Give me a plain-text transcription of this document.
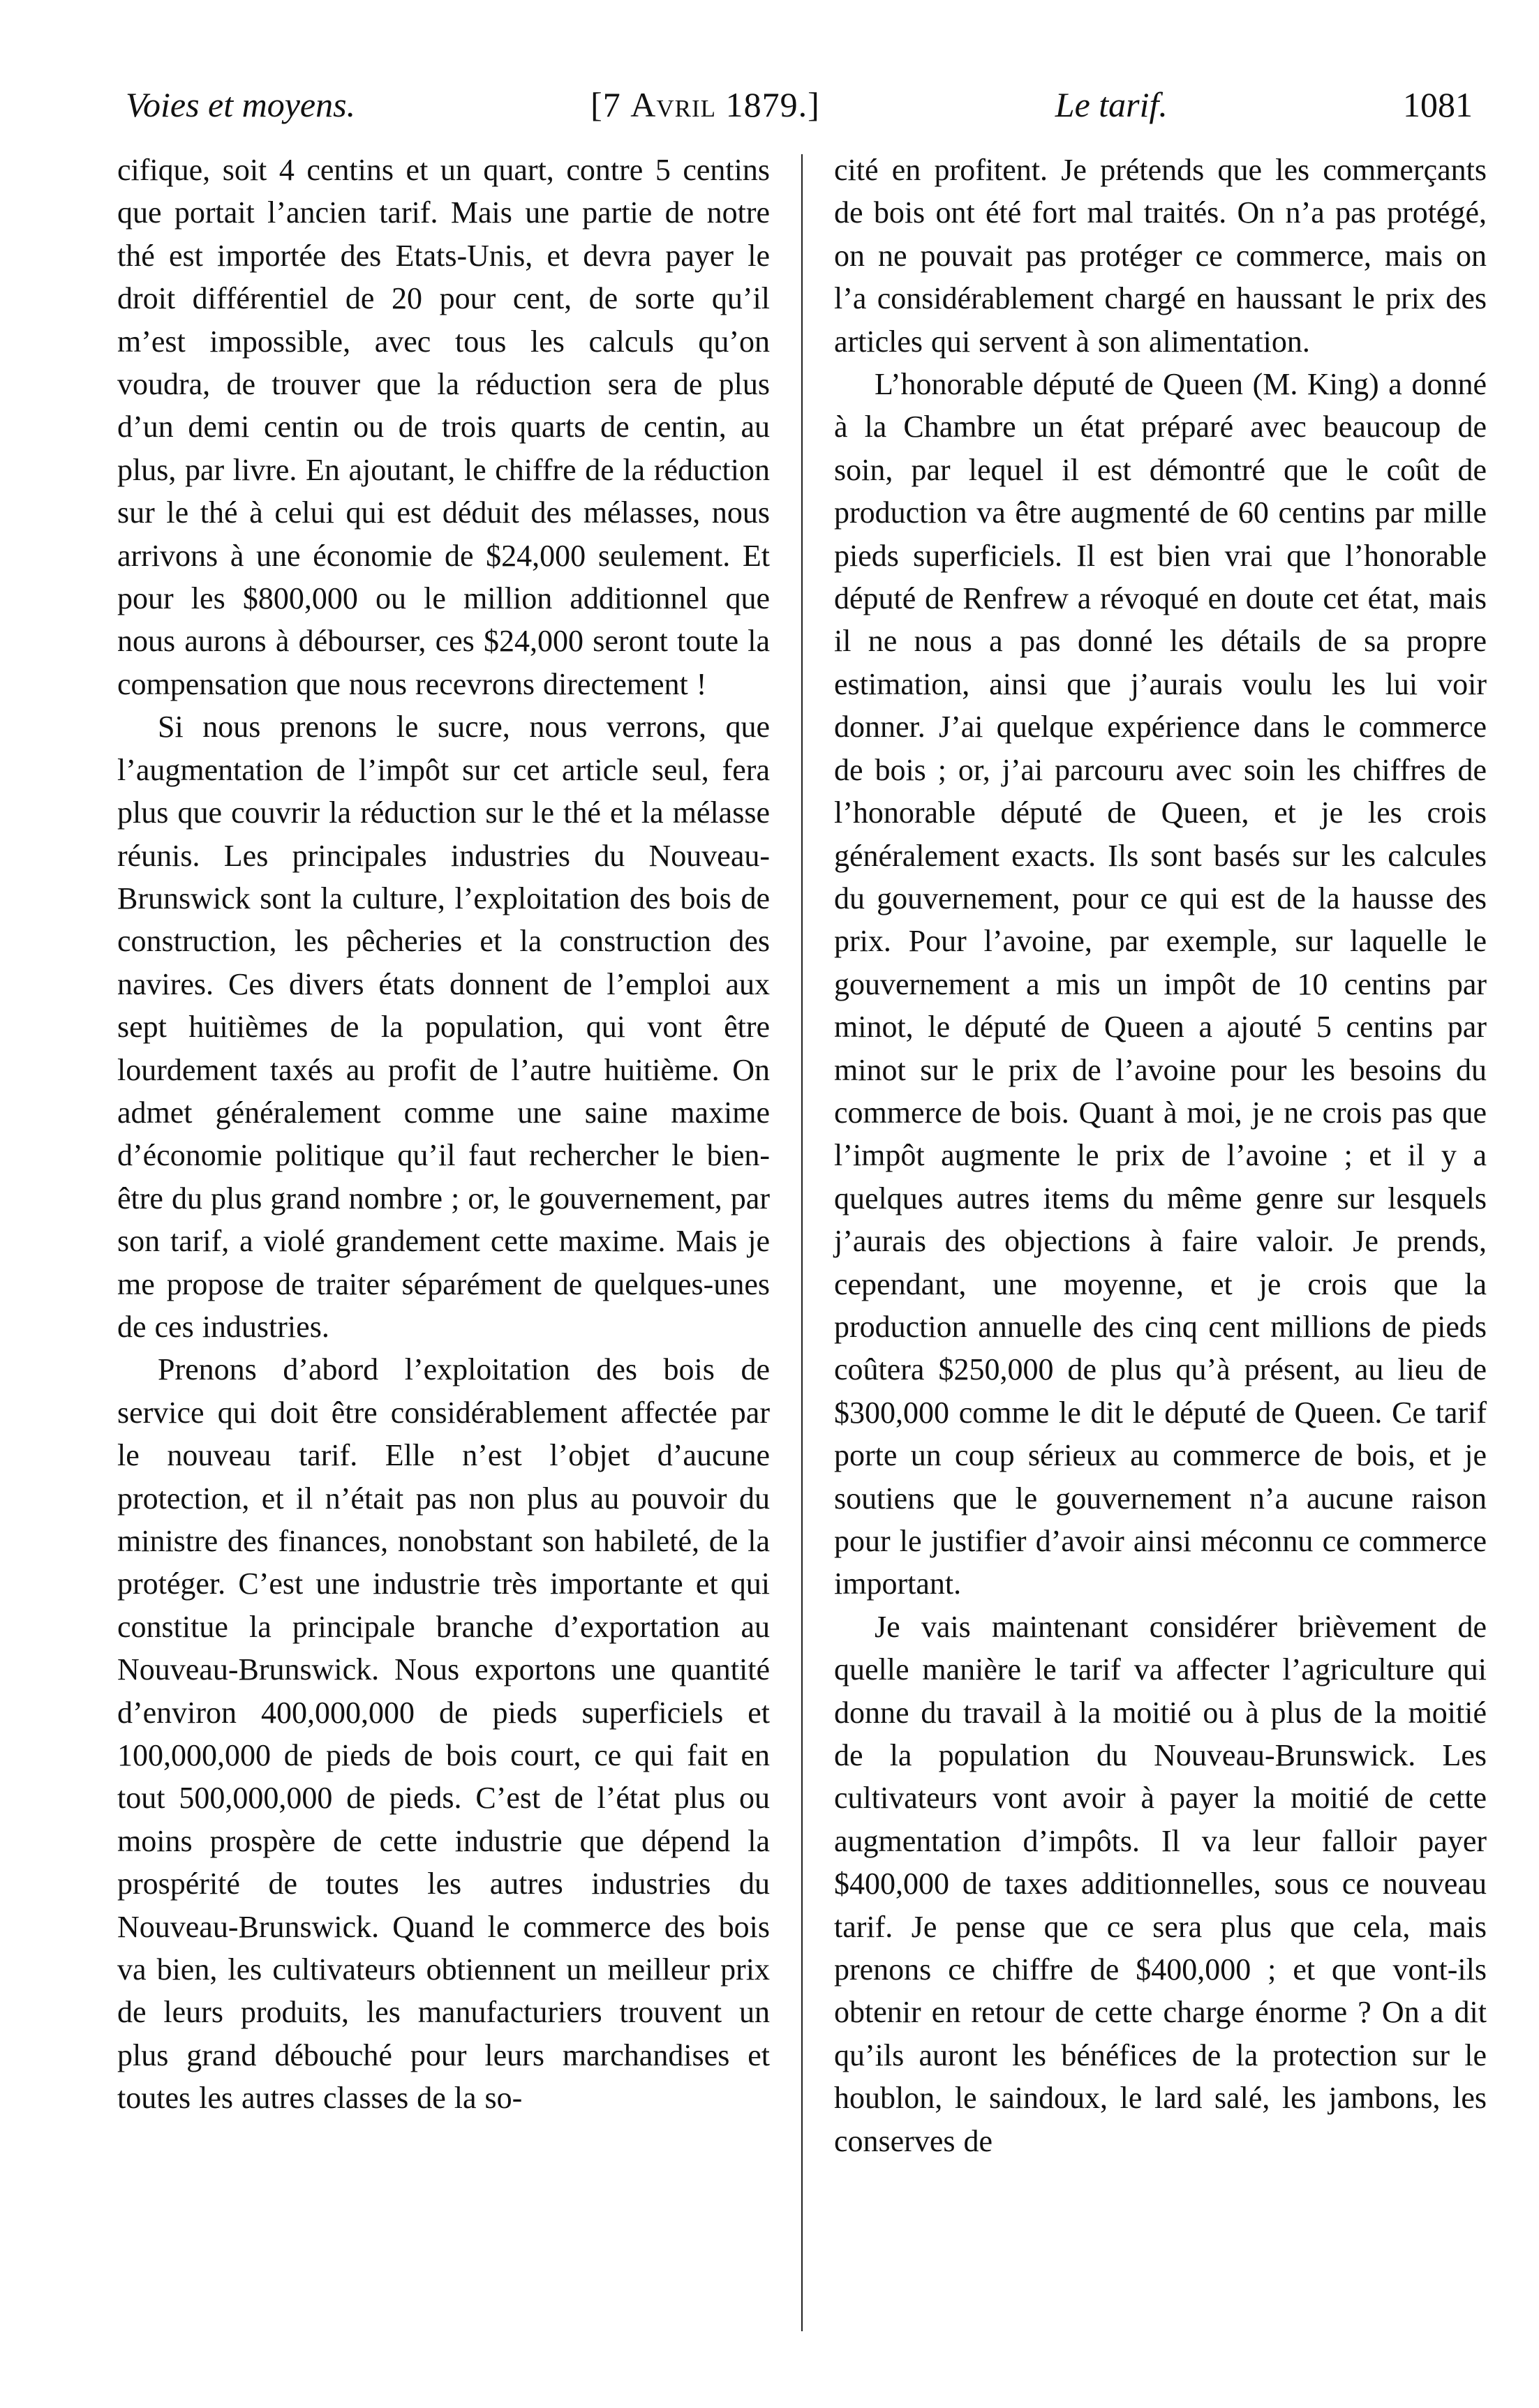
Voies et moyens.	[7 Avril 1879.]	Le tarif.	1081

cifique, soit 4 centins et un quart, contre 5 centins que portait l’ancien tarif. Mais une partie de notre thé est importée des Etats-Unis, et devra payer le droit différentiel de 20 pour cent, de sorte qu’il m’est impossible, avec tous les calculs qu’on voudra, de trouver que la réduction sera de plus d’un demi centin ou de trois quarts de centin, au plus, par livre. En ajoutant, le chiffre de la réduction sur le thé à celui qui est déduit des mélasses, nous arrivons à une économie de $24,000 seulement. Et pour les $800,000 ou le million additionnel que nous aurons à débourser, ces $24,000 seront toute la compensation que nous recevrons directement !

Si nous prenons le sucre, nous verrons, que l’augmentation de l’impôt sur cet article seul, fera plus que couvrir la réduction sur le thé et la mélasse réunis. Les principales industries du Nouveau-Brunswick sont la culture, l’exploitation des bois de construction, les pêcheries et la construction des navires. Ces divers états donnent de l’emploi aux sept huitièmes de la population, qui vont être lourdement taxés au profit de l’autre huitième. On admet généralement comme une saine maxime d’économie politique qu’il faut rechercher le bien-être du plus grand nombre ; or, le gouvernement, par son tarif, a violé grandement cette maxime. Mais je me propose de traiter séparément de quelques-unes de ces industries.

Prenons d’abord l’exploitation des bois de service qui doit être considérablement affectée par le nouveau tarif. Elle n’est l’objet d’aucune protection, et il n’était pas non plus au pouvoir du ministre des finances, nonobstant son habileté, de la protéger. C’est une industrie très importante et qui constitue la principale branche d’exportation au Nouveau-Brunswick. Nous exportons une quantité d’environ 400,000,000 de pieds superficiels et 100,000,000 de pieds de bois court, ce qui fait en tout 500,000,000 de pieds. C’est de l’état plus ou moins prospère de cette industrie que dépend la prospérité de toutes les autres industries du Nouveau-Brunswick. Quand le commerce des bois va bien, les cultivateurs obtiennent un meilleur prix de leurs produits, les manufacturiers trouvent un plus grand débouché pour leurs marchandises et toutes les autres classes de la so-

cité en profitent. Je prétends que les commerçants de bois ont été fort mal traités. On n’a pas protégé, on ne pouvait pas protéger ce commerce, mais on l’a considérablement chargé en haussant le prix des articles qui servent à son alimentation.

L’honorable député de Queen (M. King) a donné à la Chambre un état préparé avec beaucoup de soin, par lequel il est démontré que le coût de production va être augmenté de 60 centins par mille pieds superficiels. Il est bien vrai que l’honorable député de Renfrew a révoqué en doute cet état, mais il ne nous a pas donné les détails de sa propre estimation, ainsi que j’aurais voulu les lui voir donner. J’ai quelque expérience dans le commerce de bois ; or, j’ai parcouru avec soin les chiffres de l’honorable député de Queen, et je les crois généralement exacts. Ils sont basés sur les calcules du gouvernement, pour ce qui est de la hausse des prix. Pour l’avoine, par exemple, sur laquelle le gouvernement a mis un impôt de 10 centins par minot, le député de Queen a ajouté 5 centins par minot sur le prix de l’avoine pour les besoins du commerce de bois. Quant à moi, je ne crois pas que l’impôt augmente le prix de l’avoine ; et il y a quelques autres items du même genre sur lesquels j’aurais des objections à faire valoir. Je prends, cependant, une moyenne, et je crois que la production annuelle des cinq cent millions de pieds coûtera $250,000 de plus qu’à présent, au lieu de $300,000 comme le dit le député de Queen. Ce tarif porte un coup sérieux au commerce de bois, et je soutiens que le gouvernement n’a aucune raison pour le justifier d’avoir ainsi méconnu ce commerce important.

Je vais maintenant considérer brièvement de quelle manière le tarif va affecter l’agriculture qui donne du travail à la moitié ou à plus de la moitié de la population du Nouveau-Brunswick. Les cultivateurs vont avoir à payer la moitié de cette augmentation d’impôts. Il va leur falloir payer $400,000 de taxes additionnelles, sous ce nouveau tarif. Je pense que ce sera plus que cela, mais prenons ce chiffre de $400,000 ; et que vont-ils obtenir en retour de cette charge énorme ? On a dit qu’ils auront les bénéfices de la protection sur le houblon, le saindoux, le lard salé, les jambons, les conserves de
